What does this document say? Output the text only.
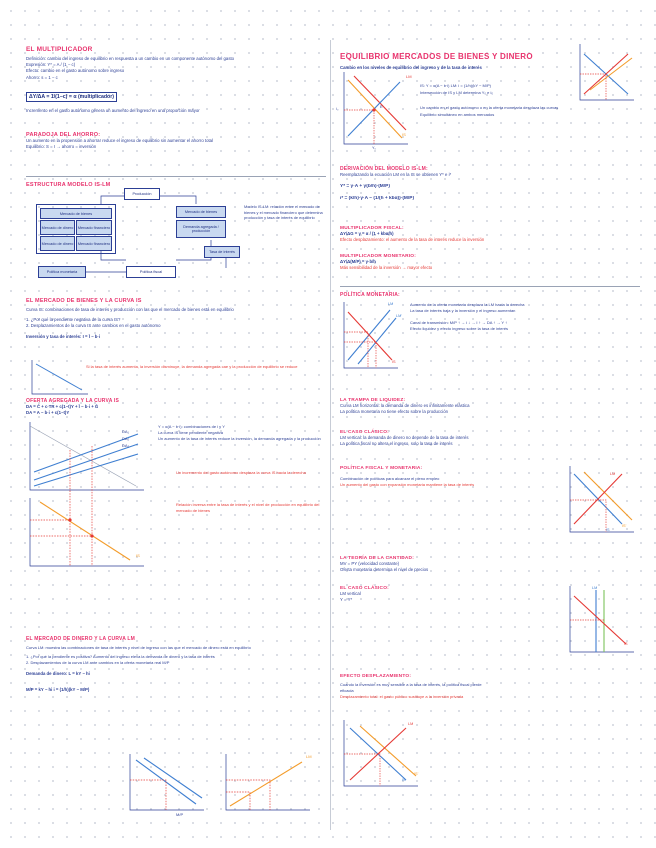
EL MULTIPLICADOR
Definición: cambio del ingreso de equilibrio en respuesta a un cambio en un componente autónomo del gasto
Expresión: Y* = A / (1 − c)
Efecto: cambio en el gasto autónomo sobre ingreso
Ahorro: s = 1 − c
ΔY/ΔA = 1/(1−c) = α (multiplicador)
Incremento en el gasto autónomo genera un aumento del ingreso en una proporción mayor
PARADOJA DEL AHORRO:
Un aumento en la propensión a ahorrar reduce el ingreso de equilibrio sin aumentar el ahorro total
Equilibrio: S = I → ahorro = inversión
ESTRUCTURA MODELO IS-LM
Producción
Mercado de bienes
Mercado de dinero	Mercado financiero
Mercado de dinero	Mercado financiero
Mercado de bienes
Demanda agregada / producción
Tasa de interés
Política monetaria	Política fiscal
Modelo IS-LM: relación entre el mercado de bienes y el mercado financiero que determina producción y tasa de interés de equilibrio
EL MERCADO DE BIENES Y LA CURVA IS
Curva IS: combinaciones de tasa de interés y producción con las que el mercado de bienes está en equilibrio
1. ¿Por qué la pendiente negativa de la curva IS?
2. Desplazamientos de la curva IS ante cambios en el gasto autónomo
Inversión y tasa de interés: I = Ī − b·i
Si la tasa de interés aumenta, la inversión disminuye, la demanda agregada cae y la producción de equilibrio se reduce
OFERTA AGREGADA Y LA CURVA IS
DA = C̄ + c·TR + c(1−t)Y + Ī − b·i + Ḡ
DA = A − b·i + c(1−t)Y
DA₁
DA₂
DA₃
IS
Y = α(A − b·i): combinaciones de i y Y
La curva IS tiene pendiente negativa
Un aumento de la tasa de interés reduce la inversión, la demanda agregada y la producción
Un incremento del gasto autónomo desplaza la curva IS hacia la derecha
Relación inversa entre la tasa de interés y el nivel de producción en equilibrio del mercado de bienes
EL MERCADO DE DINERO Y LA CURVA LM
Curva LM: muestra las combinaciones de tasa de interés y nivel de ingreso con las que el mercado de dinero está en equilibrio
1. ¿Por qué la pendiente es positiva? Aumento del ingreso eleva la demanda de dinero y la tasa de interés
2. Desplazamientos de la curva LM ante cambios en la oferta monetaria real M/P
Demanda de dinero: L = kY − hi
M/P = kY − hi i = (1/h)(kY − M/P)
LM
M/P
EQUILIBRIO MERCADOS DE BIENES Y DINERO
Cambio en los niveles de equilibrio del ingreso y de la tasa de interés
IS: Y = α(A − b·i) LM: i = (1/h)(kY − M/P)
Intersección de IS y LM determina Y₀ e i₀
Un cambio en el gasto autónomo o en la oferta monetaria desplaza las curvas
Equilibrio simultáneo en ambos mercados
LM
IS
E
i₀
Y₀
DERIVACIÓN DEL MODELO IS-LM:
Reemplazando la ecuación LM en la IS se obtienen Y* e i*
Y* = γ·A + γ(b/h)·(M/P)
i* = (k/h)·γ·A − (1/(h + kbα))·(M/P)
MULTIPLICADOR FISCAL:
ΔY/ΔG = γ = α / (1 + kbα/h)
Efecto desplazamiento: el aumento de la tasa de interés reduce la inversión
MULTIPLICADOR MONETARIO:
ΔY/Δ(M/P) = γ·b/h
Más sensibilidad de la inversión → mayor efecto
POLÍTICA MONETARIA:
Aumento de la oferta monetaria desplaza la LM hacia la derecha
La tasa de interés baja y la inversión y el ingreso aumentan
Canal de transmisión: M/P ↑ → i ↓ → I ↑ → DA ↑ → Y ↑
Efecto liquidez y efecto ingreso sobre la tasa de interés
LM
LM'
IS
LA TRAMPA DE LIQUIDEZ:
Curva LM horizontal: la demanda de dinero es infinitamente elástica
La política monetaria no tiene efecto sobre la producción
EL CASO CLÁSICO:
LM vertical: la demanda de dinero no depende de la tasa de interés
La política fiscal no altera el ingreso, solo la tasa de interés
POLÍTICA FISCAL Y MONETARIA:
Combinación de políticas para alcanzar el pleno empleo
Un aumento del gasto con expansión monetaria mantiene la tasa de interés
LM
IS'
IS
LA TEORÍA DE LA CANTIDAD:
MV = PY (velocidad constante)
Oferta monetaria determina el nivel de precios
EL CASO CLÁSICO:
LM vertical
Y = Y*
LM
IS
EFECTO DESPLAZAMIENTO:
Cuando la inversión es muy sensible a la tasa de interés, la política fiscal pierde eficacia
Desplazamiento total: el gasto público sustituye a la inversión privada
LM
IS
IS'
